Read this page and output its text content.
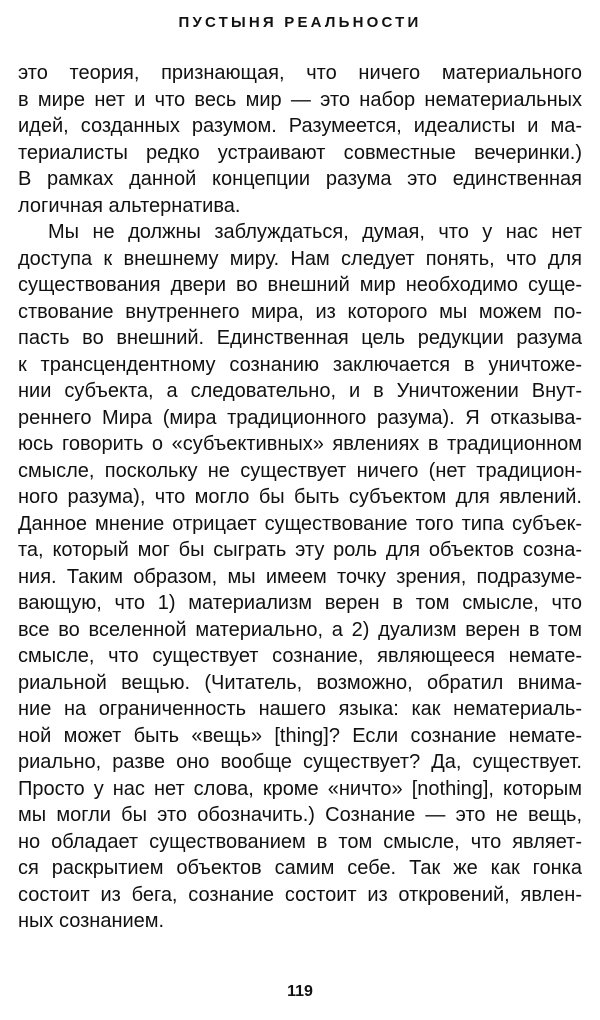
ПУСТЫНЯ РЕАЛЬНОСТИ
это теория, признающая, что ничего материального
в мире нет и что весь мир — это набор нематериальных
идей, созданных разумом. Разумеется, идеалисты и ма-
териалисты редко устраивают совместные вечеринки.)
В рамках данной концепции разума это единственная
логичная альтернатива.
Мы не должны заблуждаться, думая, что у нас нет
доступа к внешнему миру. Нам следует понять, что для
существования двери во внешний мир необходимо суще-
ствование внутреннего мира, из которого мы можем по-
пасть во внешний. Единственная цель редукции разума
к трансцендентному сознанию заключается в уничтоже-
нии субъекта, а следовательно, и в Уничтожении Внут-
реннего Мира (мира традиционного разума). Я отказыва-
юсь говорить о «субъективных» явлениях в традиционном
смысле, поскольку не существует ничего (нет традицион-
ного разума), что могло бы быть субъектом для явлений.
Данное мнение отрицает существование того типа субъек-
та, который мог бы сыграть эту роль для объектов созна-
ния. Таким образом, мы имеем точку зрения, подразуме-
вающую, что 1) материализм верен в том смысле, что
все во вселенной материально, а 2) дуализм верен в том
смысле, что существует сознание, являющееся немате-
риальной вещью. (Читатель, возможно, обратил внима-
ние на ограниченность нашего языка: как нематериаль-
ной может быть «вещь» [thing]? Если сознание немате-
риально, разве оно вообще существует? Да, существует.
Просто у нас нет слова, кроме «ничто» [nothing], которым
мы могли бы это обозначить.) Сознание — это не вещь,
но обладает существованием в том смысле, что являет-
ся раскрытием объектов самим себе. Так же как гонка
состоит из бега, сознание состоит из откровений, явлен-
ных сознанием.
119
